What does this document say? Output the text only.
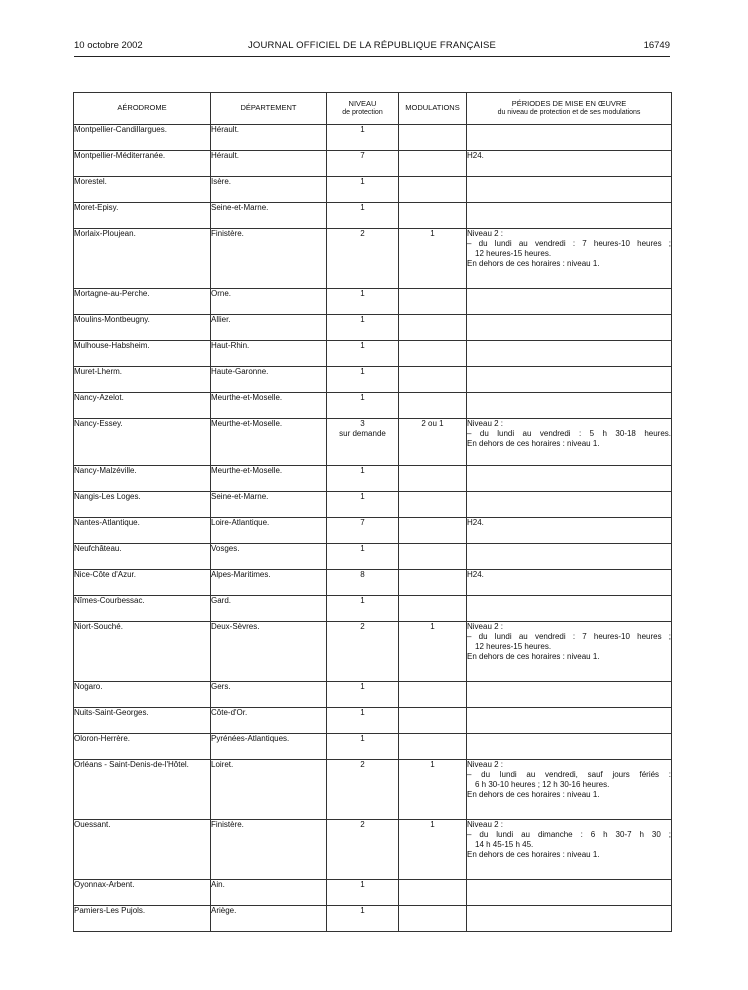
10 octobre 2002	JOURNAL OFFICIEL DE LA RÉPUBLIQUE FRANÇAISE	16749
AÉRODROME	DÉPARTEMENT	NIVEAU
de protection	MODULATIONS	PÉRIODES DE MISE EN ŒUVRE
du niveau de protection et de ses modulations

Montpellier-Candillargues.	Hérault.	1		

Montpellier-Méditerranée.	Hérault.	7		H24.

Morestel.	Isère.	1		

Moret-Episy.	Seine-et-Marne.	1		

Morlaix-Ploujean.	Finistère.	2	1	Niveau 2 :
– du lundi au vendredi : 7 heures-10 heures ;
12 heures-15 heures.
En dehors de ces horaires : niveau 1.

Mortagne-au-Perche.	Orne.	1		

Moulins-Montbeugny.	Allier.	1		

Mulhouse-Habsheim.	Haut-Rhin.	1		

Muret-Lherm.	Haute-Garonne.	1		

Nancy-Azelot.	Meurthe-et-Moselle.	1		

Nancy-Essey.	Meurthe-et-Moselle.	3
sur demande	2 ou 1	Niveau 2 :
– du lundi au vendredi : 5 h 30-18 heures.
En dehors de ces horaires : niveau 1.

Nancy-Malzéville.	Meurthe-et-Moselle.	1		

Nangis-Les Loges.	Seine-et-Marne.	1		

Nantes-Atlantique.	Loire-Atlantique.	7		H24.

Neufchâteau.	Vosges.	1		

Nice-Côte d'Azur.	Alpes-Maritimes.	8		H24.

Nîmes-Courbessac.	Gard.	1		

Niort-Souché.	Deux-Sèvres.	2	1	Niveau 2 :
– du lundi au vendredi : 7 heures-10 heures ;
12 heures-15 heures.
En dehors de ces horaires : niveau 1.

Nogaro.	Gers.	1		

Nuits-Saint-Georges.	Côte-d'Or.	1		

Oloron-Herrère.	Pyrénées-Atlantiques.	1		

Orléans - Saint-Denis-de-l'Hôtel.	Loiret.	2	1	Niveau 2 :
– du lundi au vendredi, sauf jours fériés :
6 h 30-10 heures ; 12 h 30-16 heures.
En dehors de ces horaires : niveau 1.

Ouessant.	Finistère.	2	1	Niveau 2 :
– du lundi au dimanche : 6 h 30-7 h 30 ;
14 h 45-15 h 45.
En dehors de ces horaires : niveau 1.

Oyonnax-Arbent.	Ain.	1		

Pamiers-Les Pujols.	Ariège.	1		
